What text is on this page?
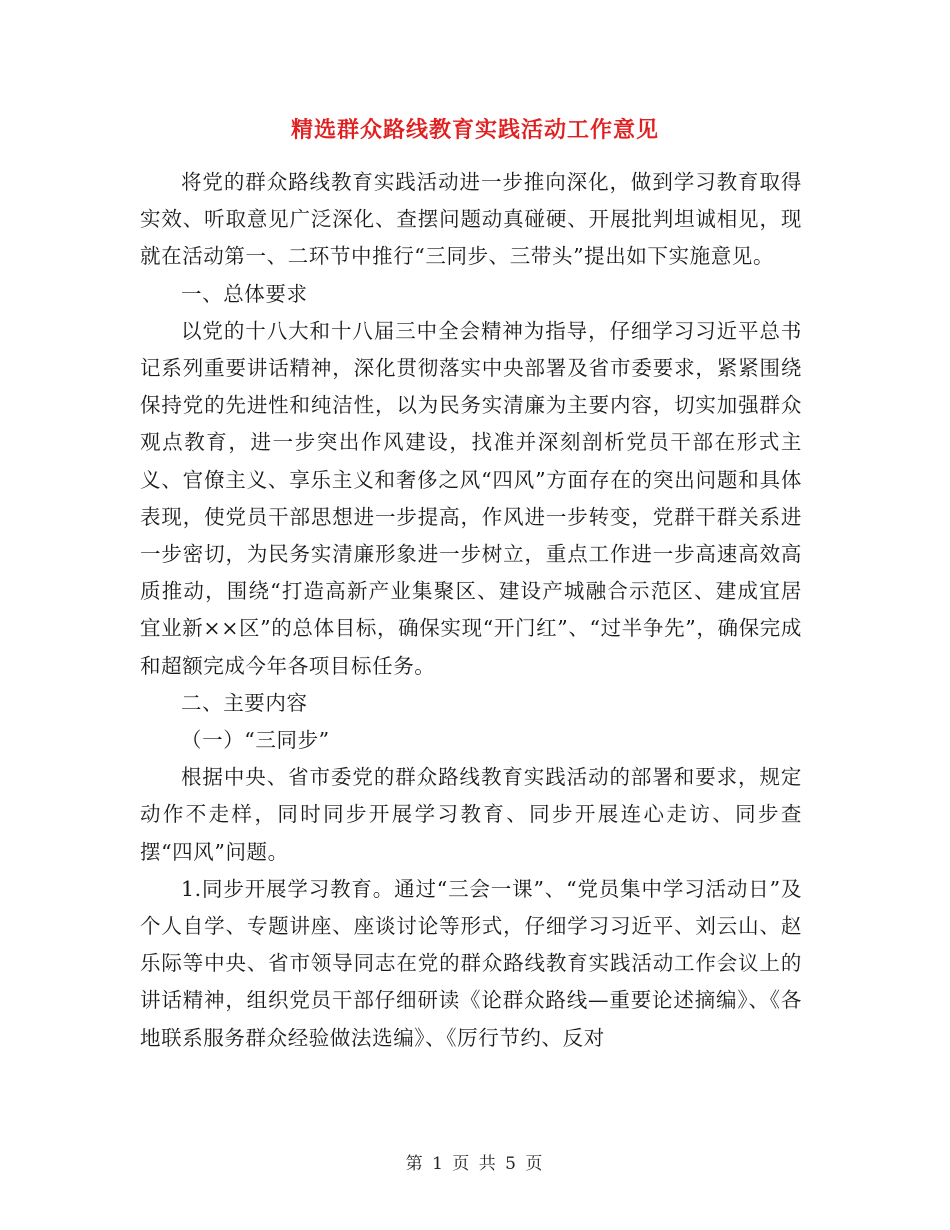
精选群众路线教育实践活动工作意见

将党的群众路线教育实践活动进一步推向深化，做到学习教育取得实效、听取意见广泛深化、查摆问题动真碰硬、开展批判坦诚相见，现就在活动第一、二环节中推行“三同步、三带头”提出如下实施意见。

一、总体要求

以党的十八大和十八届三中全会精神为指导，仔细学习习近平总书记系列重要讲话精神，深化贯彻落实中央部署及省市委要求，紧紧围绕保持党的先进性和纯洁性，以为民务实清廉为主要内容，切实加强群众观点教育，进一步突出作风建设，找准并深刻剖析党员干部在形式主义、官僚主义、享乐主义和奢侈之风“四风”方面存在的突出问题和具体表现，使党员干部思想进一步提高，作风进一步转变，党群干群关系进一步密切，为民务实清廉形象进一步树立，重点工作进一步高速高效高质推动，围绕“打造高新产业集聚区、建设产城融合示范区、建成宜居宜业新××区”的总体目标，确保实现“开门红”、“过半争先”，确保完成和超额完成今年各项目标任务。

二、主要内容

（一）“三同步”

根据中央、省市委党的群众路线教育实践活动的部署和要求，规定动作不走样，同时同步开展学习教育、同步开展连心走访、同步查摆“四风”问题。

1.同步开展学习教育。通过“三会一课”、“党员集中学习活动日”及个人自学、专题讲座、座谈讨论等形式，仔细学习习近平、刘云山、赵乐际等中央、省市领导同志在党的群众路线教育实践活动工作会议上的讲话精神，组织党员干部仔细研读《论群众路线—重要论述摘编》、《各地联系服务群众经验做法选编》、《厉行节约、反对

第 1 页 共 5 页
